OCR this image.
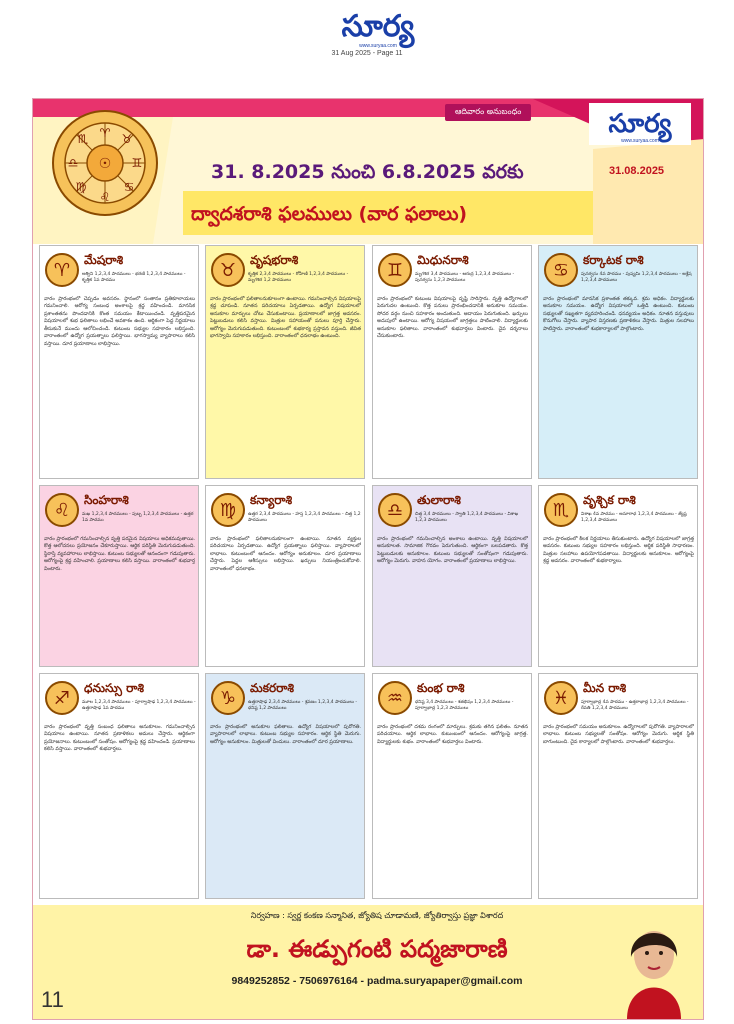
సూర్య
www.suryaa.com
31 Aug 2025 - Page 11
♈ ♉
♊
♋
♌
♍
♎
♏
☉
ఆదివారం అనుబంధం	సూర్య
www.suryaa.com
31.08.2025
31. 8.2025 నుంచి 6.8.2025 వరకు
ద్వాదశరాశి ఫలములు (వార ఫలాలు)
♈	మేషరాశి
అశ్విని 1,2,3,4 పాదములు - భరణి 1,2,3,4 పాదములు - కృత్తిక 1వ పాదము
వారం ప్రారంభంలో చెప్పడం అవసరం. స్థానంలో సంతానం ప్రతికూలాయలు గమనించాలి. ఆరోగ్య సంబంధ అంశాలపై శ్రద్ధ వహించండి. మానసిక ప్రశాంతతను పొందడానికి కొంత సమయం కేటాయించండి. వృత్తిపరమైన విషయాలలో శుభ ఫలితాలు లభించే అవకాశం ఉంది. ఆర్థికంగా పెద్ద నిర్ణయాలు తీసుకునే ముందు ఆలోచించండి. కుటుంబ సభ్యుల సహకారం లభిస్తుంది. వారాంతంలో ఉద్యోగ ప్రయత్నాలు ఫలిస్తాయి. భాగస్వామ్య వ్యాపారాలు కలిసి వస్తాయి. దూర ప్రయాణాలు లాభిస్తాయి.
♉	వృషభరాశి
కృత్తిక 2,3,4 పాదములు - రోహిణి 1,2,3,4 పాదములు - మృగశిర 1,2 పాదములు
వారం ప్రారంభంలో ఫలితాలనుకూలంగా ఉంటాయి. గమనించాల్సిన విషయాలపై శ్రద్ధ చూపండి. నూతన పరిచయాలు ఏర్పడతాయి. ఉద్యోగ విషయాలలో అనుకూల మార్పులు చోటు చేసుకుంటాయి. ప్రయాణాలలో జాగ్రత్త అవసరం. పెట్టుబడులు కలిసి వస్తాయి. మిత్రుల సహాయంతో పనులు పూర్తి చేస్తారు. ఆరోగ్యం మెరుగుపడుతుంది. కుటుంబంలో శుభకార్య ప్రస్తావన వస్తుంది. జీవిత భాగస్వామి సహకారం లభిస్తుంది. వారాంతంలో ధనలాభం ఉంటుంది.
♊	మిధునరాశి
మృగశిర 3,4 పాదములు - ఆరుద్ర 1,2,3,4 పాదములు - పునర్వసు 1,2,3 పాదములు
వారం ప్రారంభంలో కుటుంబ విషయాలపై దృష్టి సారిస్తారు. వృత్తి ఉద్యోగాలలో పెరుగుదల ఉంటుంది. కొత్త పనులు ప్రారంభించడానికి అనుకూల సమయం. సోదర వర్గం నుంచి సహకారం అందుతుంది. ఆదాయం పెరుగుతుంది. ఖర్చులు అదుపులో ఉంటాయి. ఆరోగ్య విషయంలో జాగ్రత్తలు పాటించాలి. విద్యార్థులకు అనుకూల ఫలితాలు. వారాంతంలో శుభవార్తలు వింటారు. దైవ దర్శనాలు చేసుకుంటారు.
♋	కర్కాటక రాశి
పునర్వసు 4వ పాదము - పుష్యమి 1,2,3,4 పాదములు - ఆశ్లేష 1,2,3,4 పాదములు
వారం ప్రారంభంలో మానసిక ప్రశాంతత తక్కువ. శ్రమ అధికం. విద్యార్థులకు అనుకూల సమయం. ఉద్యోగ విషయాలలో ఒత్తిడి ఉంటుంది. కుటుంబ సభ్యులతో సఖ్యతగా వ్యవహరించండి. ధనవ్యయం అధికం. నూతన వస్తువులు కొనుగోలు చేస్తారు. వ్యాపార విస్తరణకు ప్రణాళికలు వేస్తారు. మిత్రుల సలహాలు పాటిస్తారు. వారాంతంలో శుభకార్యాలలో పాల్గొంటారు.
♌	సింహరాశి
మఖ 1,2,3,4 పాదములు - పుబ్బ 1,2,3,4 పాదములు - ఉత్తర 1వ పాదము
వారం ప్రారంభంలో గమనించాల్సిన వృత్తి పరమైన విషయాలు అధికమవుతాయి. కొత్త ఆలోచనలు ప్రయోజనం చేకూరుస్తాయి. ఆర్థిక పరిస్థితి మెరుగుపడుతుంది. స్థిరాస్తి వ్యవహారాలు లాభిస్తాయి. కుటుంబ సభ్యులతో ఆనందంగా గడుపుతారు. ఆరోగ్యంపై శ్రద్ధ వహించాలి. ప్రయాణాలు కలిసి వస్తాయి. వారాంతంలో శుభవార్త వింటారు.
♍	కన్యారాశి
ఉత్తర 2,3,4 పాదములు - హస్త 1,2,3,4 పాదములు - చిత్త 1,2 పాదములు
వారం ప్రారంభంలో ఫలితాలనుకూలంగా ఉంటాయి. నూతన వ్యక్తుల పరిచయాలు ఏర్పడతాయి. ఉద్యోగ ప్రయత్నాలు ఫలిస్తాయి. వ్యాపారాలలో లాభాలు. కుటుంబంలో ఆనందం. ఆరోగ్యం అనుకూలం. దూర ప్రయాణాలు చేస్తారు. పెద్దల ఆశీస్సులు లభిస్తాయి. ఖర్చులు నియంత్రించుకోవాలి. వారాంతంలో ధనలాభం.
♎	తులారాశి
చిత్త 3,4 పాదములు - స్వాతి 1,2,3,4 పాదములు - విశాఖ 1,2,3 పాదములు
వారం ప్రారంభంలో గమనించాల్సిన అంశాలు ఉంటాయి. వృత్తి విషయాలలో అనుకూలత. సామాజిక గౌరవం పెరుగుతుంది. ఆర్థికంగా బలపడతారు. కొత్త పెట్టుబడులకు అనుకూలం. కుటుంబ సభ్యులతో సంతోషంగా గడుపుతారు. ఆరోగ్యం మెరుగు. వాహన యోగం. వారాంతంలో ప్రయాణాలు లాభిస్తాయి.
♏	వృశ్చిక రాశి
విశాఖ 4వ పాదము - అనూరాధ 1,2,3,4 పాదములు - జ్యేష్ఠ 1,2,3,4 పాదములు
వారం ప్రారంభంలో కీలక నిర్ణయాలు తీసుకుంటారు. ఉద్యోగ విషయాలలో జాగ్రత్త అవసరం. కుటుంబ సభ్యుల సహకారం లభిస్తుంది. ఆర్థిక పరిస్థితి సాధారణం. మిత్రుల సలహాలు ఉపయోగపడతాయి. విద్యార్థులకు అనుకూలం. ఆరోగ్యంపై శ్రద్ధ అవసరం. వారాంతంలో శుభకార్యాలు.
♐	ధనుస్సు రాశి
మూల 1,2,3,4 పాదములు - పూర్వాషాఢ 1,2,3,4 పాదములు - ఉత్తరాషాఢ 1వ పాదము
వారం ప్రారంభంలో వృత్తి సంబంధ ఫలితాలు అనుకూలం. గమనించాల్సిన విషయాలు ఉంటాయి. నూతన ప్రణాళికలు అమలు చేస్తారు. ఆర్థికంగా ప్రయోజనాలు. కుటుంబంలో సంతోషం. ఆరోగ్యంపై శ్రద్ధ వహించండి. ప్రయాణాలు కలిసి వస్తాయి. వారాంతంలో శుభవార్తలు.
♑	మకరరాశి
ఉత్తరాషాఢ 2,3,4 పాదములు - శ్రవణం 1,2,3,4 పాదములు - ధనిష్ఠ 1,2 పాదములు
వారం ప్రారంభంలో అనుకూల ఫలితాలు. ఉద్యోగ విషయాలలో పురోగతి. వ్యాపారాలలో లాభాలు. కుటుంబ సభ్యుల సహకారం. ఆర్థిక స్థితి మెరుగు. ఆరోగ్యం అనుకూలం. మిత్రులతో విందులు. వారాంతంలో దూర ప్రయాణాలు.
♒	కుంభ రాశి
ధనిష్ఠ 3,4 పాదములు - శతభిషం 1,2,3,4 పాదములు - పూర్వాభాద్ర 1,2,3 పాదములు
వారం ప్రారంభంలో దశమ రంగంలో మార్పులు. శ్రమకు తగిన ఫలితం. నూతన పరిచయాలు. ఆర్థిక లాభాలు. కుటుంబంలో ఆనందం. ఆరోగ్యంపై జాగ్రత్త. విద్యార్థులకు శుభం. వారాంతంలో శుభవార్తలు వింటారు.
♓	మీన రాశి
పూర్వాభాద్ర 4వ పాదము - ఉత్తరాభాద్ర 1,2,3,4 పాదములు - రేవతి 1,2,3,4 పాదములు
వారం ప్రారంభంలో సమయం అనుకూలం. ఉద్యోగాలలో పురోగతి. వ్యాపారాలలో లాభాలు. కుటుంబ సభ్యులతో సంతోషం. ఆరోగ్యం మెరుగు. ఆర్థిక స్థితి బాగుంటుంది. దైవ కార్యాలలో పాల్గొంటారు. వారాంతంలో శుభవార్తలు.
11
నిర్వహణ : స్వర్ణ కంకణ సన్మానిత, జ్యోతిష చూడామణి, జ్యోతిర్వాస్తు ప్రజ్ఞా విశారద
డా. ఈడ్పుగంటి పద్మజారాణి
9849252852 - 7506976164 - padma.suryapaper@gmail.com
